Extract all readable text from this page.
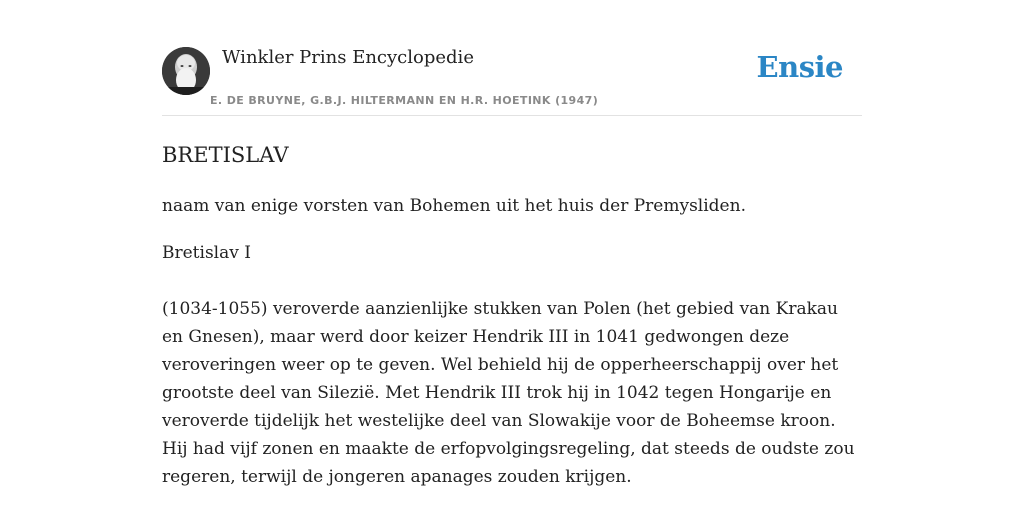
Winkler Prins Encyclopedie
E. DE BRUYNE, G.B.J. HILTERMANN EN H.R. HOETINK (1947)
Ensie
BRETISLAV

naam van enige vorsten van Bohemen uit het huis der Premysliden.

Bretislav I

(1034-1055) veroverde aanzienlijke stukken van Polen (het gebied van Krakau en Gnesen), maar werd door keizer Hendrik III in 1041 gedwongen deze veroveringen weer op te geven. Wel behield hij de opperheerschappij over het grootste deel van Silezië. Met Hendrik III trok hij in 1042 tegen Hongarije en veroverde tijdelijk het westelijke deel van Slowakije voor de Boheemse kroon. Hij had vijf zonen en maakte de erfopvolgingsregeling, dat steeds de oudste zou regeren, terwijl de jongeren apanages zouden krijgen.
